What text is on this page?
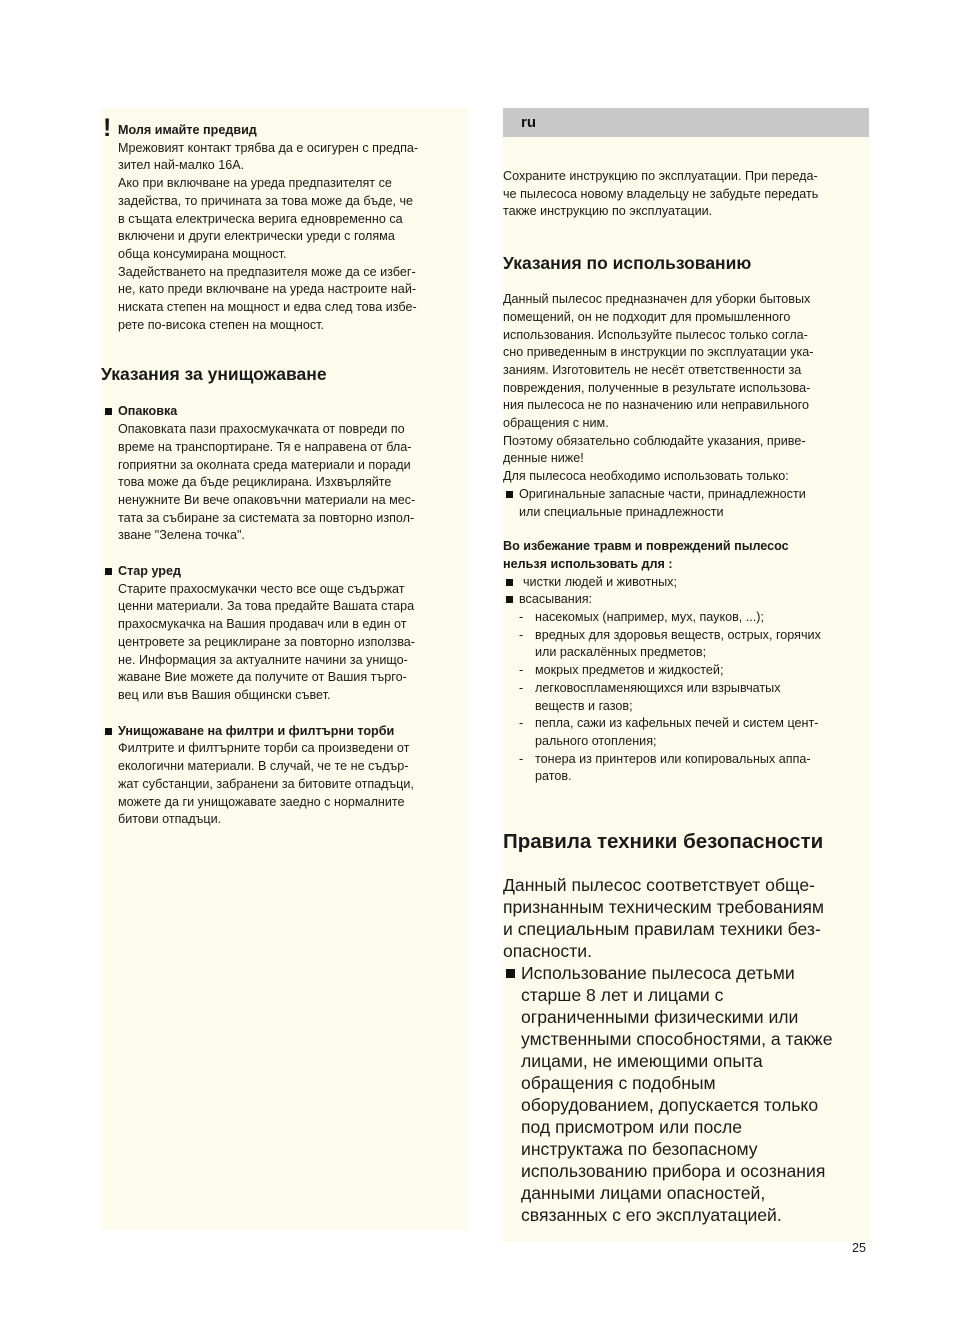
! Моля имайте предвид
Мрежовият контакт трябва да е осигурен с предпа-
зител най-малко 16А.
Ако при включване на уреда предпазителят се
задейства, то причината за това може да бъде, че
в същата електрическа верига едновременно са
включени и други електрически уреди с голяма
обща консумирана мощност.
Задействането на предпазителя може да се избег-
не, като преди включване на уреда настроите най-
ниската степен на мощност и едва след това избе-
рете по-висока степен на мощност.
Указания за унищожаване
Опаковка
Опаковката пази прахосмукачката от повреди по
време на транспортиране. Тя е направена от бла-
гоприятни за околната среда материали и поради
това може да бъде рециклирана. Изхвърляйте
ненужните Ви вече опаковъчни материали на мес-
тата за събиране за системата за повторно изпол-
зване "Зелена точка".
Стар уред
Старите прахосмукачки често все още съдържат
ценни материали. За това предайте Вашата стара
прахосмукачка на Вашия продавач или в един от
центровете за рециклиране за повторно използва-
не. Информация за актуалните начини за унищо-
жаване Вие можете да получите от Вашия търго-
вец или във Вашия общински съвет.
Унищожаване на филтри и филтърни торби
Филтрите и филтърните торби са произведени от
екологични материали. В случай, че те не съдър-
жат субстанции, забранени за битовите отпадъци,
можете да ги унищожавате заедно с нормалните
битови отпадъци.
ru
Сохраните инструкцию по эксплуатации. При переда-
че пылесоса новому владельцу не забудьте передать
также инструкцию по эксплуатации.
Указания по использованию
Данный пылесос предназначен для уборки бытовых
помещений, он не подходит для промышленного
использования. Используйте пылесос только согла-
сно приведенным в инструкции по эксплуатации ука-
заниям. Изготовитель не несёт ответственности за
повреждения, полученные в результате использова-
ния пылесоса не по назначению или неправильного
обращения с ним.
Поэтому обязательно соблюдайте указания, приве-
денные ниже!
Для пылесоса необходимо использовать только:
Оригинальные запасные части, принадлежности
или специальные принадлежности
Во избежание травм и повреждений пылесос
нельзя использовать для :
чистки людей и животных;
всасывания:
- насекомых (например, мух, пауков, ...);
- вредных для здоровья веществ, острых, горячих
или раскалённых предметов;
- мокрых предметов и жидкостей;
- легковоспламеняющихся или взрывчатых
веществ и газов;
- пепла, сажи из кафельных печей и систем цент-
рального отопления;
- тонера из принтеров или копировальных аппа-
ратов.
Правила техники безопасности
Данный пылесос соответствует обще-
признанным техническим требованиям
и специальным правилам техники без-
опасности.
Использование пылесоса детьми
старше 8 лет и лицами с
ограниченными физическими или
умственными способностями, а также
лицами, не имеющими опыта
обращения с подобным
оборудованием, допускается только
под присмотром или после
инструктажа по безопасному
использованию прибора и осознания
данными лицами опасностей,
связанных с его эксплуатацией.
25
